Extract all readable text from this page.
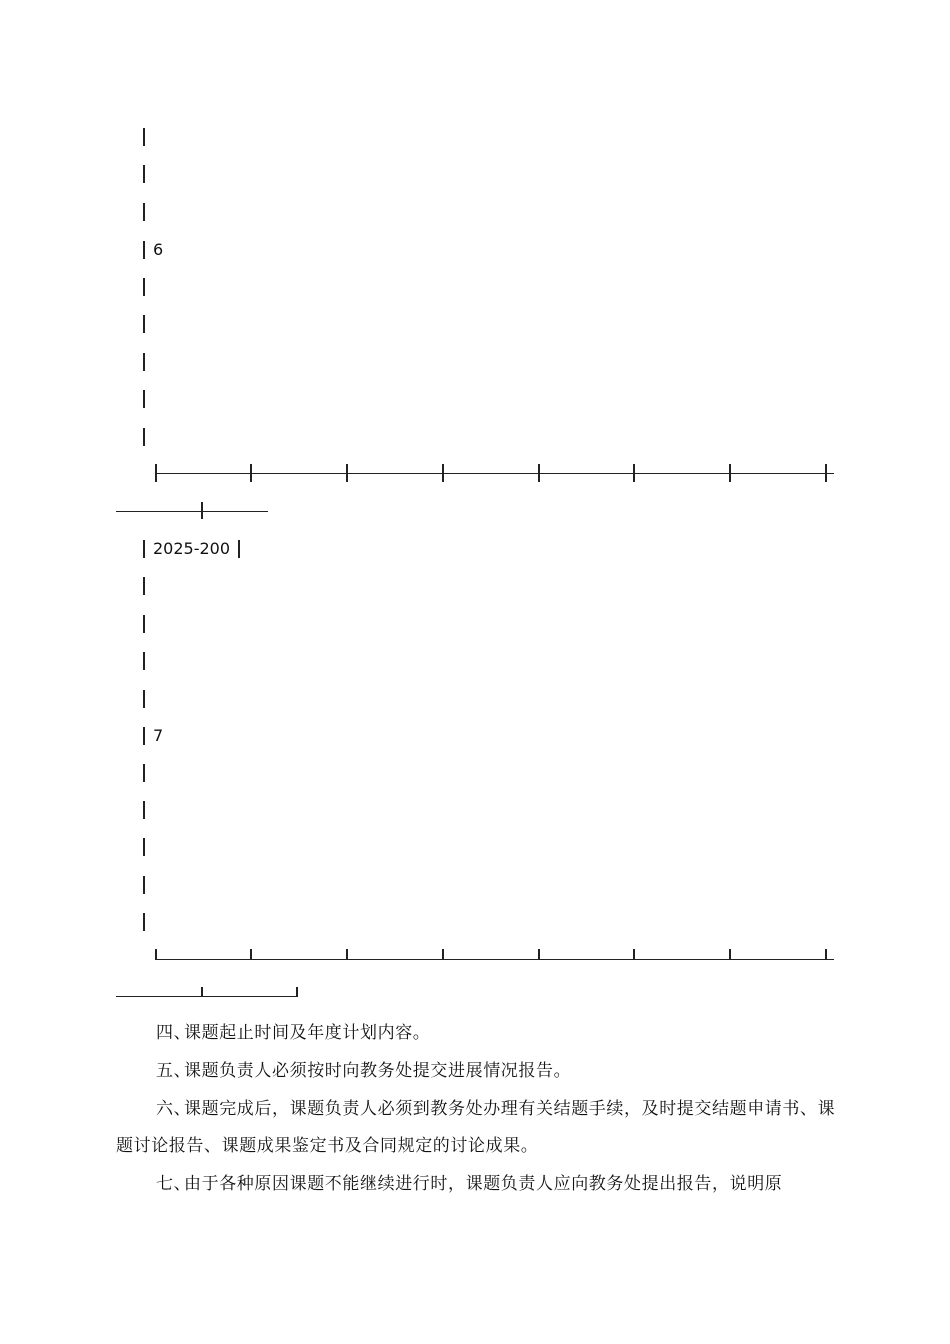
6
2025-200
7
四、课题起止时间及年度计划内容。
五、课题负责人必须按时向教务处提交进展情况报告。
六、课题完成后，课题负责人必须到教务处办理有关结题手续，及时提交结题申请书、课题讨论报告、课题成果鉴定书及合同规定的讨论成果。
七、由于各种原因课题不能继续进行时，课题负责人应向教务处提出报告，说明原
